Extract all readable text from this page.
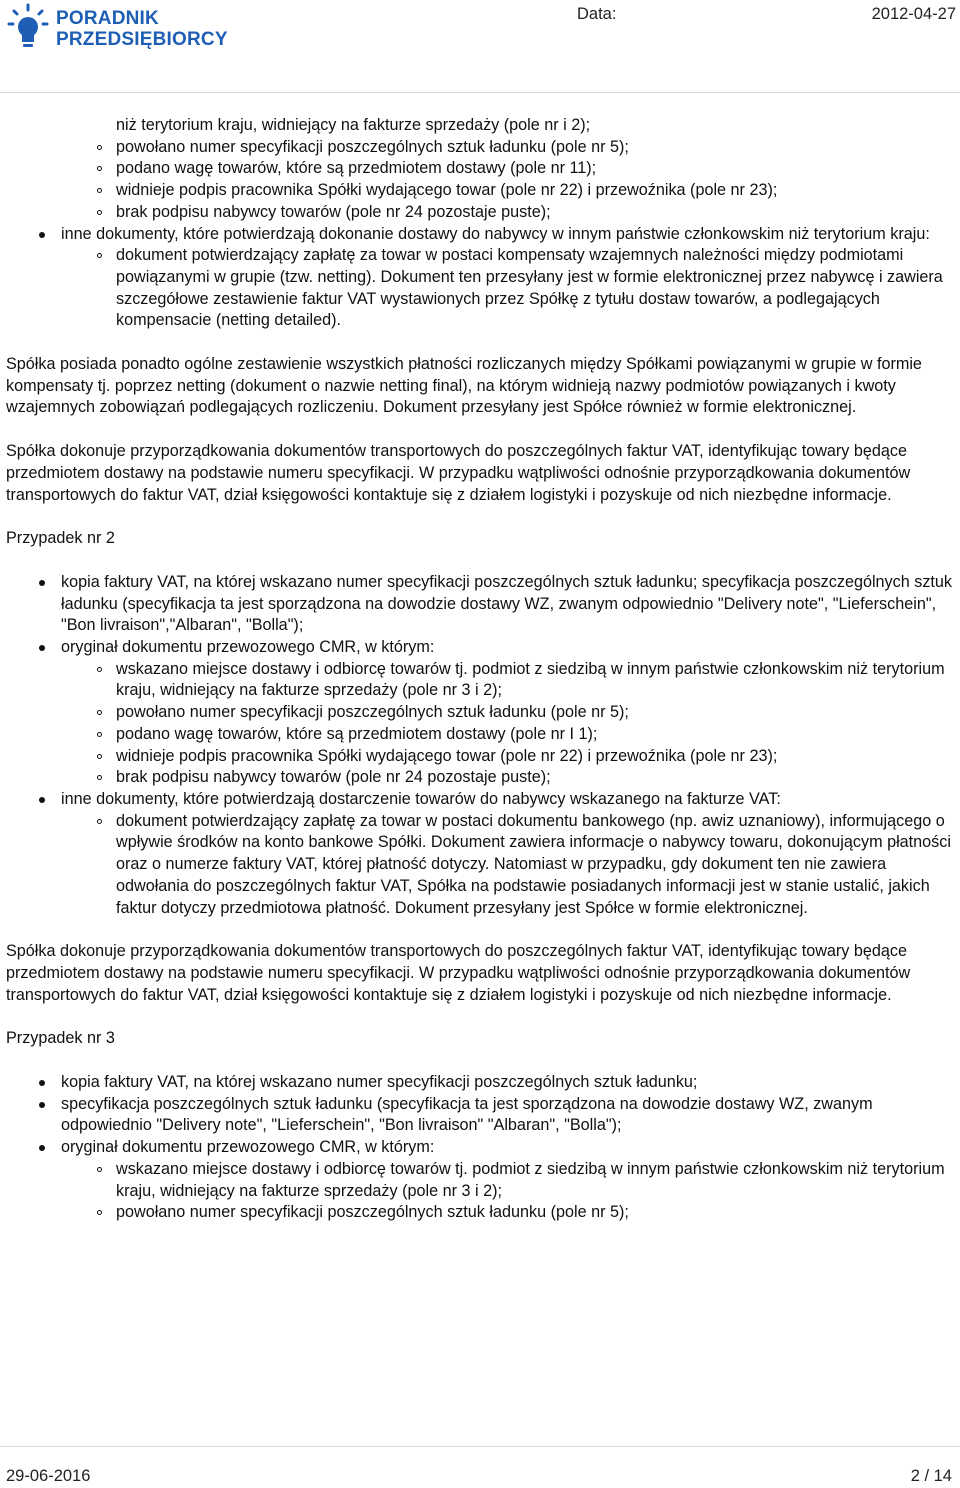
PORADNIK
PRZEDSIĘBIORCY
Data:	2012-04-27
niż terytorium kraju, widniejący na fakturze sprzedaży (pole nr i 2);
powołano numer specyfikacji poszczególnych sztuk ładunku (pole nr 5);
podano wagę towarów, które są przedmiotem dostawy (pole nr 11);
widnieje podpis pracownika Spółki wydającego towar (pole nr 22) i przewoźnika (pole nr 23);
brak podpisu nabywcy towarów (pole nr 24 pozostaje puste);
inne dokumenty, które potwierdzają dokonanie dostawy do nabywcy w innym państwie członkowskim niż terytorium kraju:
dokument potwierdzający zapłatę za towar w postaci kompensaty wzajemnych należności między podmiotami powiązanymi w grupie (tzw. netting). Dokument ten przesyłany jest w formie elektronicznej przez nabywcę i zawiera szczegółowe zestawienie faktur VAT wystawionych przez Spółkę z tytułu dostaw towarów, a podlegających kompensacie (netting detailed).
Spółka posiada ponadto ogólne zestawienie wszystkich płatności rozliczanych między Spółkami powiązanymi w grupie w formie kompensaty tj. poprzez netting (dokument o nazwie netting final), na którym widnieją nazwy podmiotów powiązanych i kwoty wzajemnych zobowiązań podlegających rozliczeniu. Dokument przesyłany jest Spółce również w formie elektronicznej.
Spółka dokonuje przyporządkowania dokumentów transportowych do poszczególnych faktur VAT, identyfikując towary będące przedmiotem dostawy na podstawie numeru specyfikacji. W przypadku wątpliwości odnośnie przyporządkowania dokumentów transportowych do faktur VAT, dział księgowości kontaktuje się z działem logistyki i pozyskuje od nich niezbędne informacje.
Przypadek nr 2
kopia faktury VAT, na której wskazano numer specyfikacji poszczególnych sztuk ładunku; specyfikacja poszczególnych sztuk ładunku (specyfikacja ta jest sporządzona na dowodzie dostawy WZ, zwanym odpowiednio "Delivery note", "Lieferschein", "Bon livraison","Albaran", "Bolla");
oryginał dokumentu przewozowego CMR, w którym:
wskazano miejsce dostawy i odbiorcę towarów tj. podmiot z siedzibą w innym państwie członkowskim niż terytorium kraju, widniejący na fakturze sprzedaży (pole nr 3 i 2);
powołano numer specyfikacji poszczególnych sztuk ładunku (pole nr 5);
podano wagę towarów, które są przedmiotem dostawy (pole nr I 1);
widnieje podpis pracownika Spółki wydającego towar (pole nr 22) i przewoźnika (pole nr 23);
brak podpisu nabywcy towarów (pole nr 24 pozostaje puste);
inne dokumenty, które potwierdzają dostarczenie towarów do nabywcy wskazanego na fakturze VAT:
dokument potwierdzający zapłatę za towar w postaci dokumentu bankowego (np. awiz uznaniowy), informującego o wpływie środków na konto bankowe Spółki. Dokument zawiera informacje o nabywcy towaru, dokonującym płatności oraz o numerze faktury VAT, której płatność dotyczy. Natomiast w przypadku, gdy dokument ten nie zawiera odwołania do poszczególnych faktur VAT, Spółka na podstawie posiadanych informacji jest w stanie ustalić, jakich faktur dotyczy przedmiotowa płatność. Dokument przesyłany jest Spółce w formie elektronicznej.
Spółka dokonuje przyporządkowania dokumentów transportowych do poszczególnych faktur VAT, identyfikując towary będące przedmiotem dostawy na podstawie numeru specyfikacji. W przypadku wątpliwości odnośnie przyporządkowania dokumentów transportowych do faktur VAT, dział księgowości kontaktuje się z działem logistyki i pozyskuje od nich niezbędne informacje.
Przypadek nr 3
kopia faktury VAT, na której wskazano numer specyfikacji poszczególnych sztuk ładunku;
specyfikacja poszczególnych sztuk ładunku (specyfikacja ta jest sporządzona na dowodzie dostawy WZ, zwanym odpowiednio "Delivery note", "Lieferschein", "Bon livraison" "Albaran", "Bolla");
oryginał dokumentu przewozowego CMR, w którym:
wskazano miejsce dostawy i odbiorcę towarów tj. podmiot z siedzibą w innym państwie członkowskim niż terytorium kraju, widniejący na fakturze sprzedaży (pole nr 3 i 2);
powołano numer specyfikacji poszczególnych sztuk ładunku (pole nr 5);
29-06-2016	2 / 14
